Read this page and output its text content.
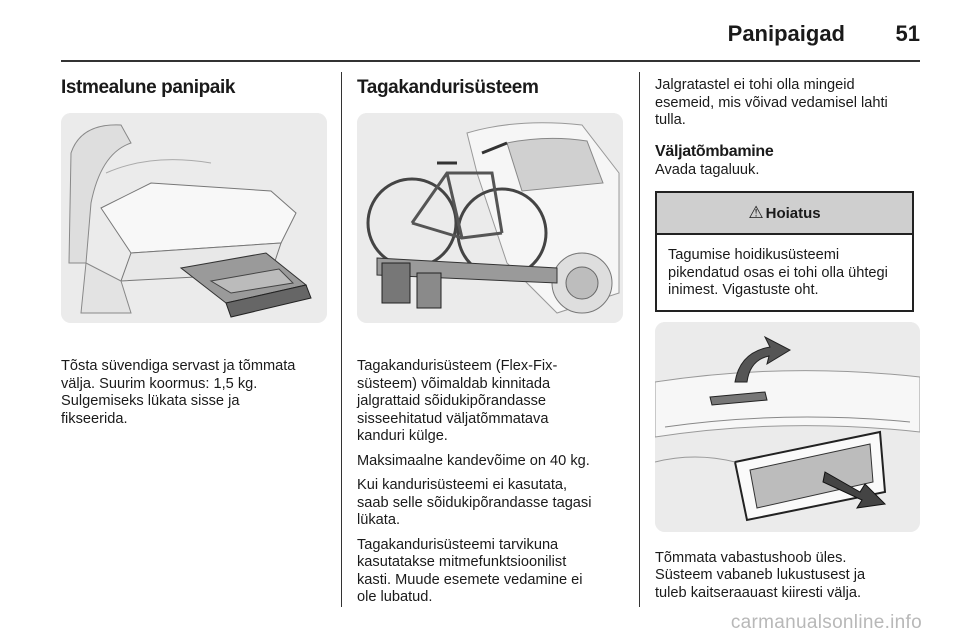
Panipaigad	51
Istmealune panipaik

Tõsta süvendiga servast ja tõmmata
välja. Suurim koormus: 1,5 kg.
Sulgemiseks lükata sisse ja
fikseerida.

Tagakandurisüsteem

Tagakandurisüsteem (Flex-Fix-
süsteem) võimaldab kinnitada
jalgrattaid sõidukipõrandasse
sisseehitatud väljatõmmatava
kanduri külge.

Maksimaalne kandevõime on 40 kg.

Kui kandurisüsteemi ei kasutata,
saab selle sõidukipõrandasse tagasi
lükata.

Tagakandurisüsteemi tarvikuna
kasutatakse mitmefunktsioonilist
kasti. Muude esemete vedamine ei
ole lubatud.

Jalgratastel ei tohi olla mingeid
esemeid, mis võivad vedamisel lahti
tulla.

Väljatõmbamine

Avada tagaluuk.

⚠ Hoiatus
Tagumise hoidikusüsteemi
pikendatud osas ei tohi olla ühtegi
inimest. Vigastuste oht.

Tõmmata vabastushoob üles.
Süsteem vabaneb lukustusest ja
tuleb kaitseraauast kiiresti välja.

carmanualsonline.info
